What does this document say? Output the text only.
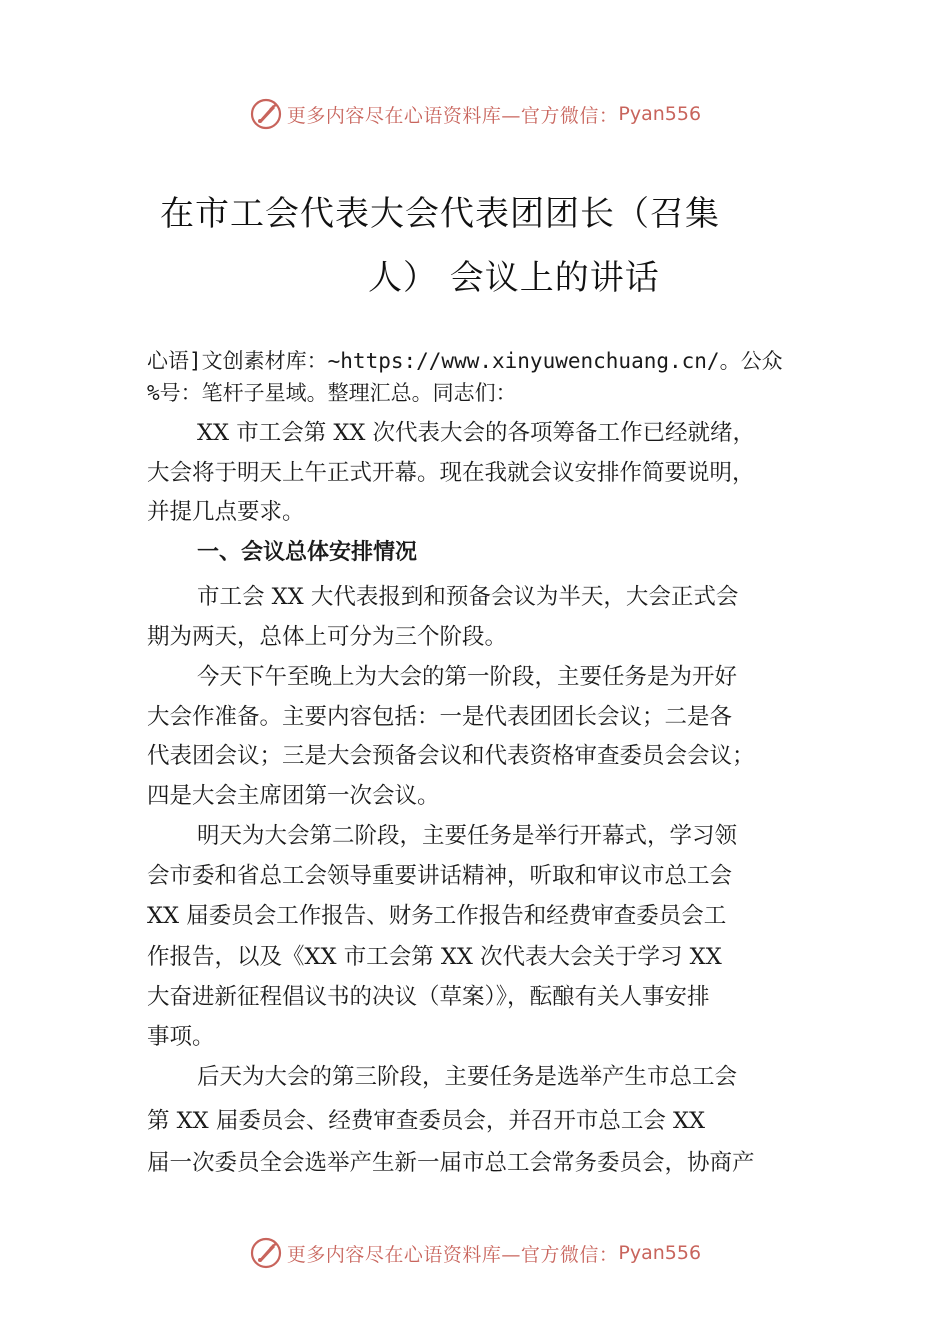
更多内容尽在心语资料库—官方微信： Pyan556
在市工会代表大会代表团团长（召集
人） 会议上的讲话
心语]文创素材库：~https://www.xinyuwenchuang.cn/。公众
%号：笔杆子星域。整理汇总。同志们：
XX 市工会第 XX 次代表大会的各项筹备工作已经就绪，
大会将于明天上午正式开幕。现在我就会议安排作简要说明，
并提几点要求。
一、会议总体安排情况
市工会 XX 大代表报到和预备会议为半天，大会正式会
期为两天，总体上可分为三个阶段。
今天下午至晚上为大会的第一阶段，主要任务是为开好
大会作准备。主要内容包括：一是代表团团长会议；二是各
代表团会议；三是大会预备会议和代表资格审查委员会会议；
四是大会主席团第一次会议。
明天为大会第二阶段，主要任务是举行开幕式，学习领
会市委和省总工会领导重要讲话精神，听取和审议市总工会
XX 届委员会工作报告、财务工作报告和经费审查委员会工
作报告，以及《XX 市工会第 XX 次代表大会关于学习 XX
大奋进新征程倡议书的决议（草案）》，酝酿有关人事安排
事项。
后天为大会的第三阶段，主要任务是选举产生市总工会
第 XX 届委员会、经费审查委员会，并召开市总工会 XX
届一次委员全会选举产生新一届市总工会常务委员会，协商产
更多内容尽在心语资料库—官方微信： Pyan556
